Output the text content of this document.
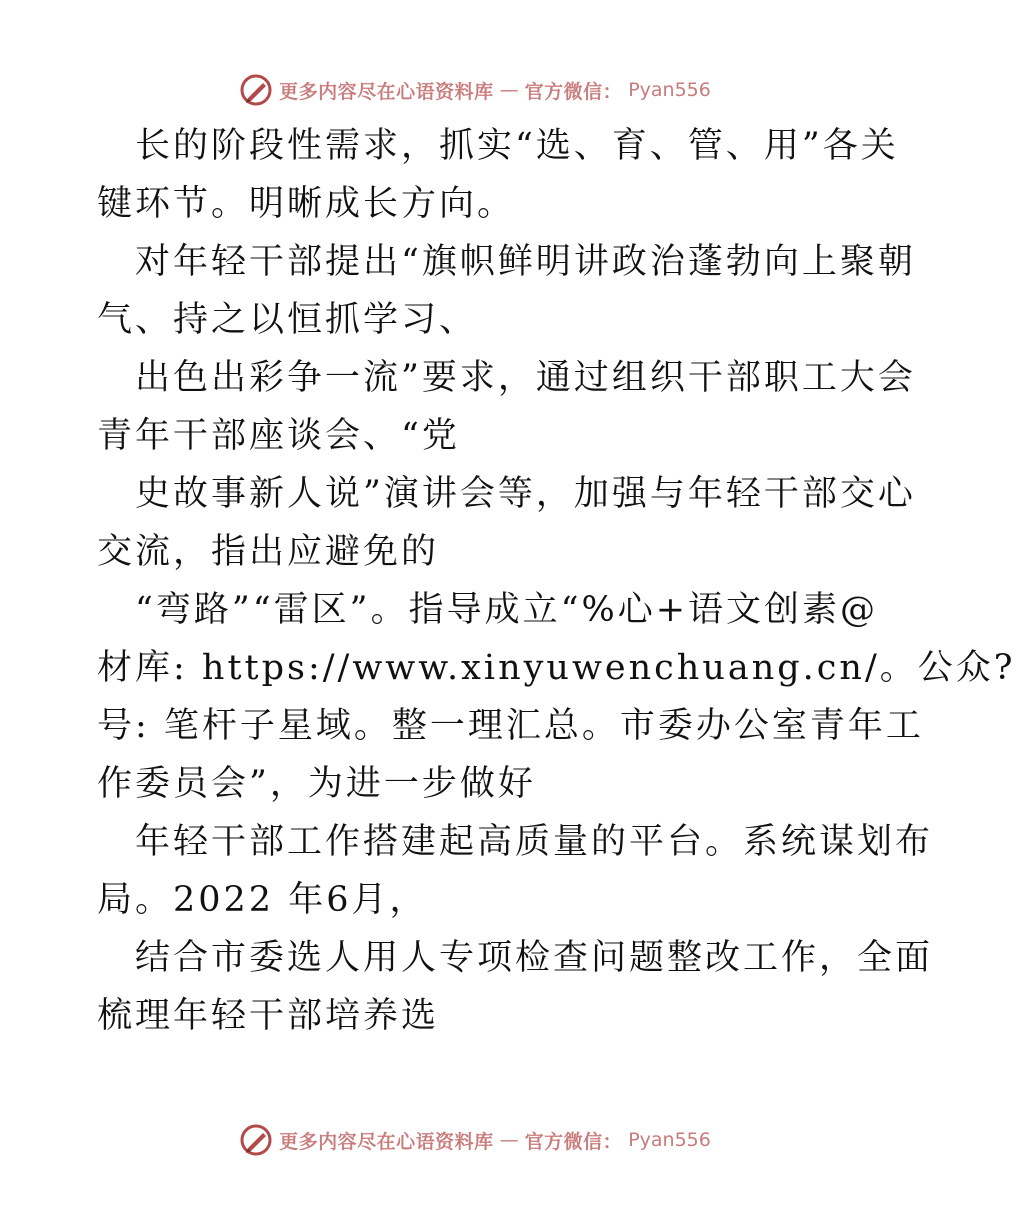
更多内容尽在心语资料库 — 官方微信： Pyan556
长的阶段性需求，抓实“选、育、管、用”各关
键环节。明晰成长方向。
对年轻干部提出“旗帜鲜明讲政治蓬勃向上聚朝
气、持之以恒抓学习、
出色出彩争一流”要求，通过组织干部职工大会
青年干部座谈会、“党
史故事新人说”演讲会等，加强与年轻干部交心
交流，指出应避免的
“弯路”“雷区”。指导成立“%心+语文创素@
材库: https://www.xinyuwenchuang.cn/。公众?
号: 笔杆子星域。整一理汇总。市委办公室青年工
作委员会”，为进一步做好
年轻干部工作搭建起高质量的平台。系统谋划布
局。2022 年6月，
结合市委选人用人专项检查问题整改工作，全面
梳理年轻干部培养选
更多内容尽在心语资料库 — 官方微信： Pyan556
